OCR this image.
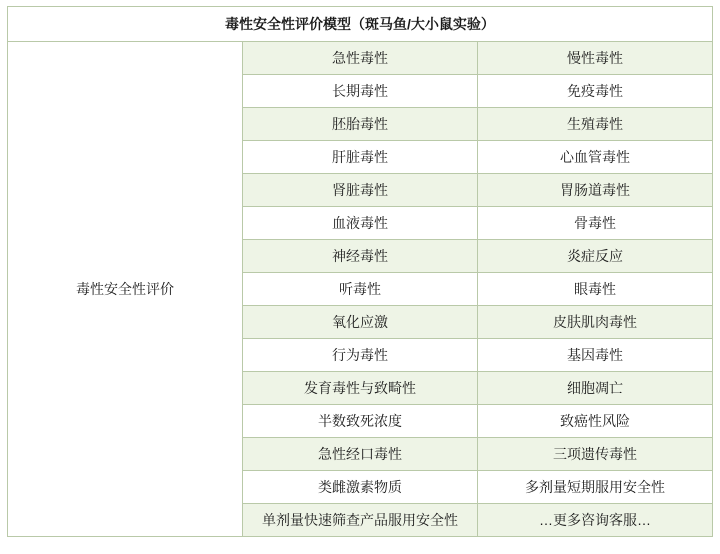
毒性安全性评价模型（斑马鱼/大小鼠实验）		
毒性安全性评价	急性毒性	慢性毒性
	长期毒性	免疫毒性
	胚胎毒性	生殖毒性
	肝脏毒性	心血管毒性
	肾脏毒性	胃肠道毒性
	血液毒性	骨毒性
	神经毒性	炎症反应
	听毒性	眼毒性
	氧化应激	皮肤肌肉毒性
	行为毒性	基因毒性
	发育毒性与致畸性	细胞凋亡
	半数致死浓度	致癌性风险
	急性经口毒性	三项遗传毒性
	类雌激素物质	多剂量短期服用安全性
	单剂量快速筛查产品服用安全性	…更多咨询客服…
